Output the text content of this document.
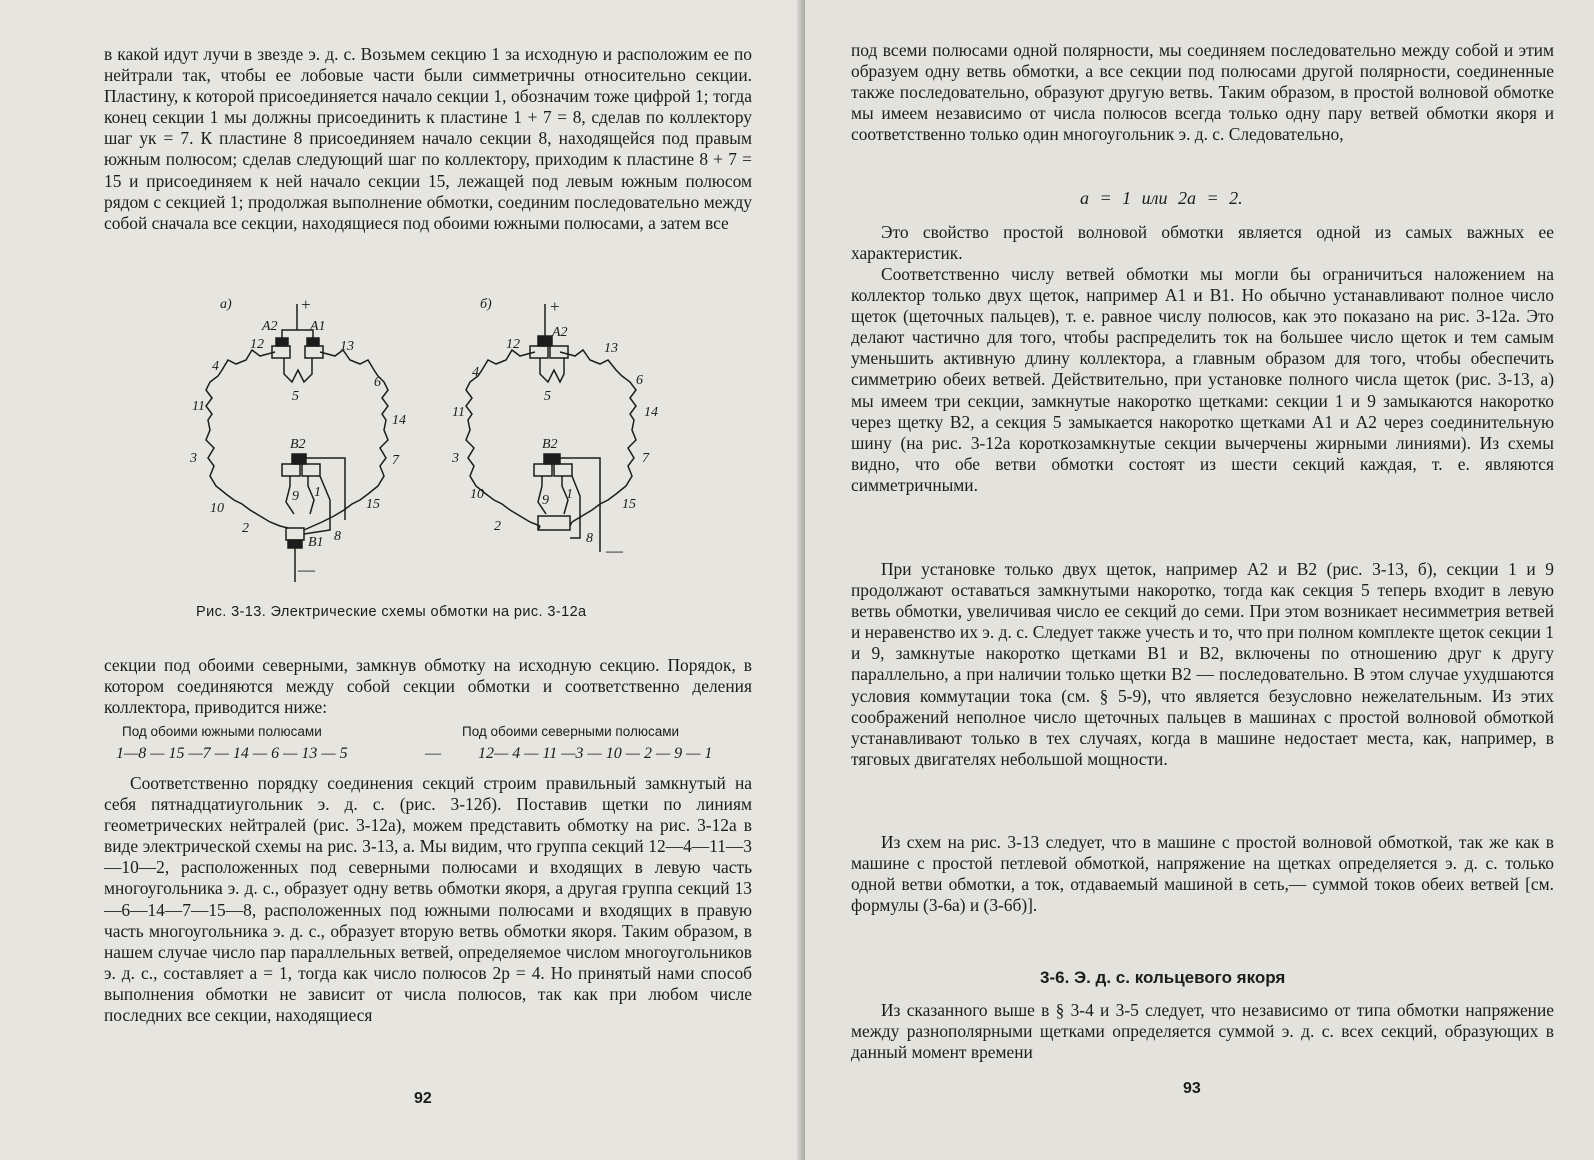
в какой идут лучи в звезде э. д. с. Возьмем секцию 1 за исходную и расположим ее по нейтрали так, чтобы ее лобовые части были симметричны относительно секции. Пластину, к которой присоединяется начало секции 1, обозначим тоже цифрой 1; тогда конец секции 1 мы должны присоединить к пластине 1 + 7 = 8, сделав по коллектору шаг yк = 7. К пластине 8 присоединяем начало секции 8, находящейся под правым южным полюсом; сделав следующий шаг по коллектору, приходим к пластине 8 + 7 = 15 и присоединяем к ней начало секции 15, лежащей под левым южным полюсом рядом с секцией 1; продолжая выполнение обмотки, соединим последовательно между собой сначала все секции, находящиеся под обоими южными полюсами, а затем все

а)	+
—
A2 A1
B2
B1
12	13
4
6
11
14
3	7
10	15
2
8
5
9 1
б)	+
—
A2
B2
12	13
4
6
11	14
3	7
10
15
2
8
5
9 1
Рис. 3-13. Электрические схемы обмотки на рис. 3-12а

секции под обоими северными, замкнув обмотку на исходную секцию. Порядок, в котором соединяются между собой секции обмотки и соответственно деления коллектора, приводится ниже:

Под обоими южными полюсами	Под обоими северными полюсами
1—8 — 15 —7 — 14 — 6 — 13 — 5	— 12— 4 — 11 —3 — 10 — 2 — 9 — 1

Соответственно порядку соединения секций строим правильный замкнутый на себя пятнадцатиугольник э. д. с. (рис. 3-12б). Поставив щетки по линиям геометрических нейтралей (рис. 3-12а), можем представить обмотку на рис. 3-12а в виде электрической схемы на рис. 3-13, а. Мы видим, что группа секций 12—4—11—3—10—2, расположенных под северными полюсами и входящих в левую часть многоугольника э. д. с., образует одну ветвь обмотки якоря, а другая группа секций 13—6—14—7—15—8, расположенных под южными полюсами и входящих в правую часть многоугольника э. д. с., образует вторую ветвь обмотки якоря. Таким образом, в нашем случае число пар параллельных ветвей, определяемое числом многоугольников э. д. с., составляет a = 1, тогда как число полюсов 2p = 4. Но принятый нами способ выполнения обмотки не зависит от числа полюсов, так как при любом числе последних все секции, находящиеся

92

под всеми полюсами одной полярности, мы соединяем последовательно между собой и этим образуем одну ветвь обмотки, а все секции под полюсами другой полярности, соединенные также последовательно, образуют другую ветвь. Таким образом, в простой волновой обмотке мы имеем независимо от числа полюсов всегда только одну пару ветвей обмотки якоря и соответственно только один многоугольник э. д. с. Следовательно,

a = 1 или 2a = 2.

Это свойство простой волновой обмотки является одной из самых важных ее характеристик.

Соответственно числу ветвей обмотки мы могли бы ограничиться наложением на коллектор только двух щеток, например A1 и B1. Но обычно устанавливают полное число щеток (щеточных пальцев), т. е. равное числу полюсов, как это показано на рис. 3-12а. Это делают частично для того, чтобы распределить ток на большее число щеток и тем самым уменьшить активную длину коллектора, а главным образом для того, чтобы обеспечить симметрию обеих ветвей. Действительно, при установке полного числа щеток (рис. 3-13, а) мы имеем три секции, замкнутые накоротко щетками: секции 1 и 9 замыкаются накоротко через щетку B2, а секция 5 замыкается накоротко щетками A1 и A2 через соединительную шину (на рис. 3-12а короткозамкнутые секции вычерчены жирными линиями). Из схемы видно, что обе ветви обмотки состоят из шести секций каждая, т. е. являются симметричными.

При установке только двух щеток, например A2 и B2 (рис. 3-13, б), секции 1 и 9 продолжают оставаться замкнутыми накоротко, тогда как секция 5 теперь входит в левую ветвь обмотки, увеличивая число ее секций до семи. При этом возникает несимметрия ветвей и неравенство их э. д. с. Следует также учесть и то, что при полном комплекте щеток секции 1 и 9, замкнутые накоротко щетками B1 и B2, включены по отношению друг к другу параллельно, а при наличии только щетки B2 — последовательно. В этом случае ухудшаются условия коммутации тока (см. § 5-9), что является безусловно нежелательным. Из этих соображений неполное число щеточных пальцев в машинах с простой волновой обмоткой устанавливают только в тех случаях, когда в машине недостает места, как, например, в тяговых двигателях небольшой мощности.

Из схем на рис. 3-13 следует, что в машине с простой волновой обмоткой, так же как в машине с простой петлевой обмоткой, напряжение на щетках определяется э. д. с. только одной ветви обмотки, а ток, отдаваемый машиной в сеть,— суммой токов обеих ветвей [см. формулы (3-6а) и (3-6б)].

3-6. Э. д. с. кольцевого якоря

Из сказанного выше в § 3-4 и 3-5 следует, что независимо от типа обмотки напряжение между разнополярными щетками определяется суммой э. д. с. всех секций, образующих в данный момент времени

93
